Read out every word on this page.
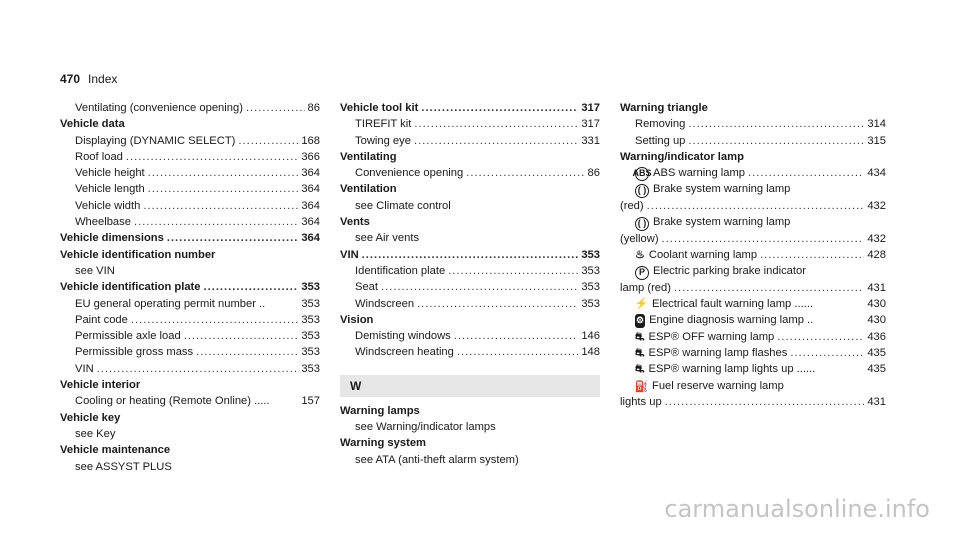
470 Index
Ventilating (convenience opening) .....	86
Vehicle data
Displaying (DYNAMIC SELECT) .....	168
Roof load .....	366
Vehicle height .....	364
Vehicle length .....	364
Vehicle width .....	364
Wheelbase .....	364
Vehicle dimensions .....	364
Vehicle identification number
see VIN
Vehicle identification plate .....	353
EU general operating permit number ..	353
Paint code .....	353
Permissible axle load .....	353
Permissible gross mass .....	353
VIN .....	353
Vehicle interior
Cooling or heating (Remote Online) .....	157
Vehicle key
see Key
Vehicle maintenance
see ASSYST PLUS
Vehicle tool kit .....	317
TIREFIT kit .....	317
Towing eye .....	331
Ventilating
Convenience opening .....	86
Ventilation
see Climate control
Vents
see Air vents
VIN .....	353
Identification plate .....	353
Seat .....	353
Windscreen .....	353
Vision
Demisting windows .....	146
Windscreen heating .....	148
W
Warning lamps
see Warning/indicator lamps
Warning system
see ATA (anti-theft alarm system)
Warning triangle
Removing .....	314
Setting up .....	315
Warning/indicator lamp
ABS ABS warning lamp .....	434
( ) Brake system warning lamp
(red) .....	432
( ) Brake system warning lamp
(yellow) .....	432
♨ Coolant warning lamp .....	428
P Electric parking brake indicator
lamp (red) .....	431
⚡ Electrical fault warning lamp ......	430
⚙ Engine diagnosis warning lamp ..	430
⛐ ESP® OFF warning lamp .....	436
⛐ ESP® warning lamp flashes .....	435
⛐ ESP® warning lamp lights up ......	435
⛽ Fuel reserve warning lamp
lights up .....	431
carmanualsonline.info
